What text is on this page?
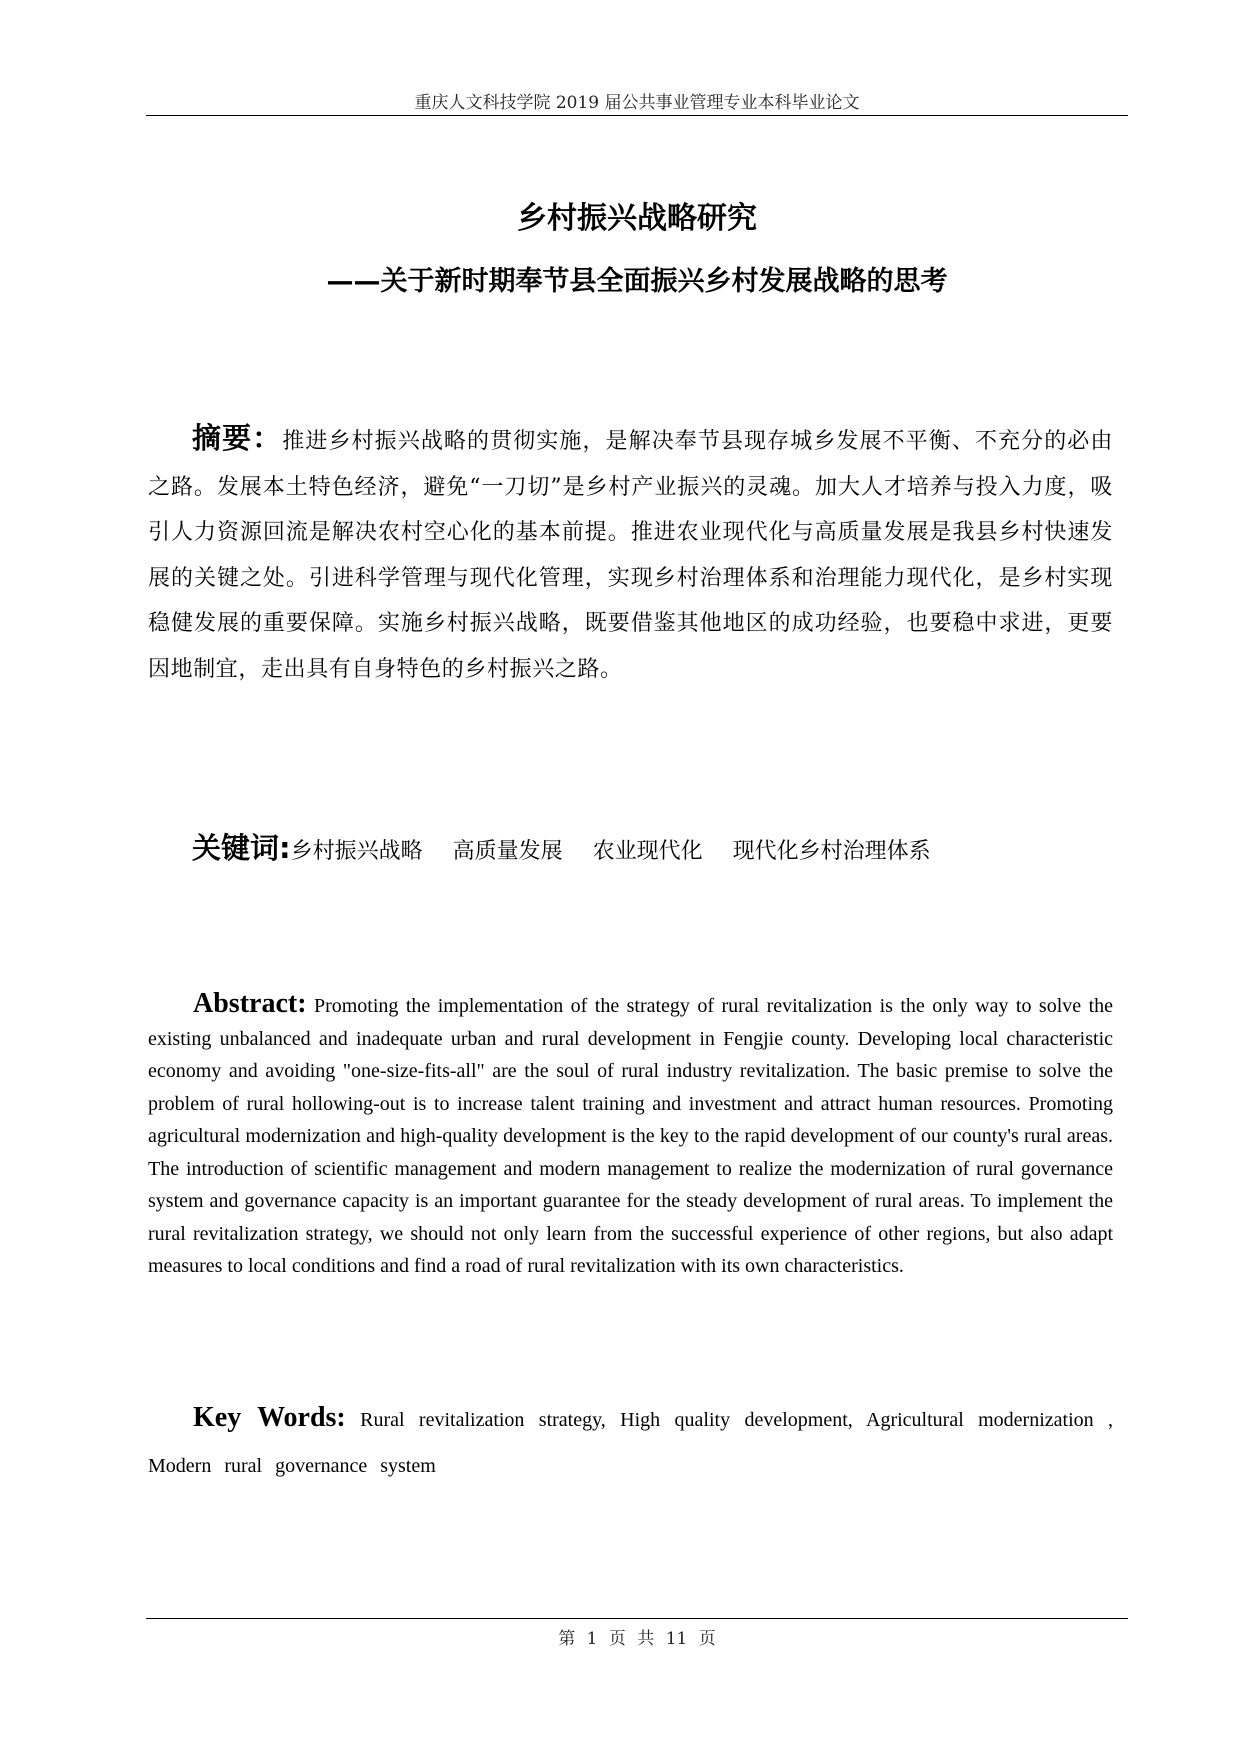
重庆人文科技学院 2019 届公共事业管理专业本科毕业论文
乡村振兴战略研究
——关于新时期奉节县全面振兴乡村发展战略的思考
摘要：推进乡村振兴战略的贯彻实施，是解决奉节县现存城乡发展不平衡、不充分的必由之路。发展本土特色经济，避免“一刀切”是乡村产业振兴的灵魂。加大人才培养与投入力度，吸引人力资源回流是解决农村空心化的基本前提。推进农业现代化与高质量发展是我县乡村快速发展的关键之处。引进科学管理与现代化管理，实现乡村治理体系和治理能力现代化，是乡村实现稳健发展的重要保障。实施乡村振兴战略，既要借鉴其他地区的成功经验，也要稳中求进，更要因地制宜，走出具有自身特色的乡村振兴之路。
关键词:乡村振兴战略 高质量发展 农业现代化 现代化乡村治理体系
Abstract: Promoting the implementation of the strategy of rural revitalization is the only way to solve the existing unbalanced and inadequate urban and rural development in Fengjie county. Developing local characteristic economy and avoiding "one-size-fits-all" are the soul of rural industry revitalization. The basic premise to solve the problem of rural hollowing-out is to increase talent training and investment and attract human resources. Promoting agricultural modernization and high-quality development is the key to the rapid development of our county's rural areas. The introduction of scientific management and modern management to realize the modernization of rural governance system and governance capacity is an important guarantee for the steady development of rural areas. To implement the rural revitalization strategy, we should not only learn from the successful experience of other regions, but also adapt measures to local conditions and find a road of rural revitalization with its own characteristics.
Key Words: Rural revitalization strategy, High quality development, Agricultural modernization , Modern rural governance system
第 1 页 共 11 页
